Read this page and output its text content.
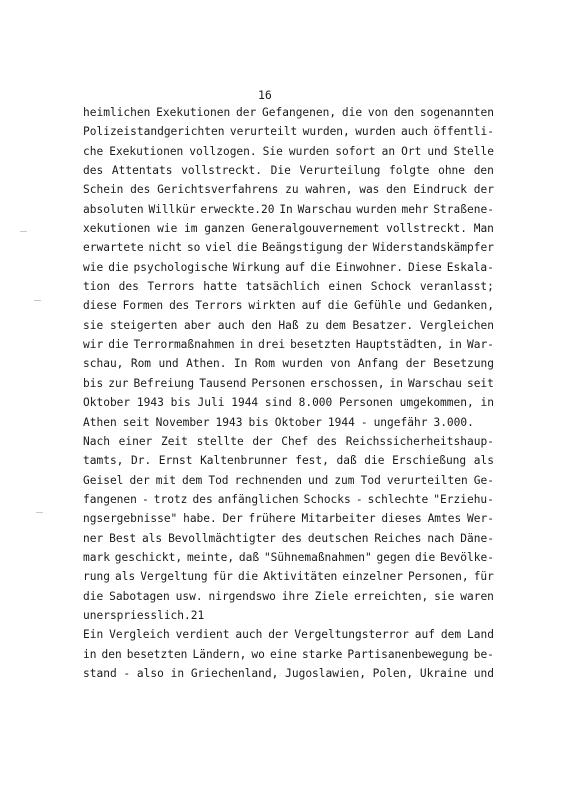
16
heimlichen Exekutionen der Gefangenen, die von den sogenannten
Polizeistandgerichten verurteilt wurden, wurden auch öffentli-
che Exekutionen vollzogen. Sie wurden sofort an Ort und Stelle
des Attentats vollstreckt. Die Verurteilung folgte ohne den
Schein des Gerichtsverfahrens zu wahren, was den Eindruck der
absoluten Willkür erweckte.20 In Warschau wurden mehr Straßene-
xekutionen wie im ganzen Generalgouvernement vollstreckt. Man
erwartete nicht so viel die Beängstigung der Widerstandskämpfer
wie die psychologische Wirkung auf die Einwohner. Diese Eskala-
tion des Terrors hatte tatsächlich einen Schock veranlasst;
diese Formen des Terrors wirkten auf die Gefühle und Gedanken,
sie steigerten aber auch den Haß zu dem Besatzer. Vergleichen
wir die Terrormaßnahmen in drei besetzten Hauptstädten, in War-
schau, Rom und Athen. In Rom wurden von Anfang der Besetzung
bis zur Befreiung Tausend Personen erschossen, in Warschau seit
Oktober 1943 bis Juli 1944 sind 8.000 Personen umgekommen, in
Athen seit November 1943 bis Oktober 1944 - ungefähr 3.000.
Nach einer Zeit stellte der Chef des Reichssicherheitshaup-
tamts, Dr. Ernst Kaltenbrunner fest, daß die Erschießung als
Geisel der mit dem Tod rechnenden und zum Tod verurteilten Ge-
fangenen - trotz des anfänglichen Schocks - schlechte "Erziehu-
ngsergebnisse" habe. Der frühere Mitarbeiter dieses Amtes Wer-
ner Best als Bevollmächtigter des deutschen Reiches nach Däne-
mark geschickt, meinte, daß "Sühnemaßnahmen" gegen die Bevölke-
rung als Vergeltung für die Aktivitäten einzelner Personen, für
die Sabotagen usw. nirgendswo ihre Ziele erreichten, sie waren
unerspriesslich.21
Ein Vergleich verdient auch der Vergeltungsterror auf dem Land
in den besetzten Ländern, wo eine starke Partisanenbewegung be-
stand - also in Griechenland, Jugoslawien, Polen, Ukraine und
